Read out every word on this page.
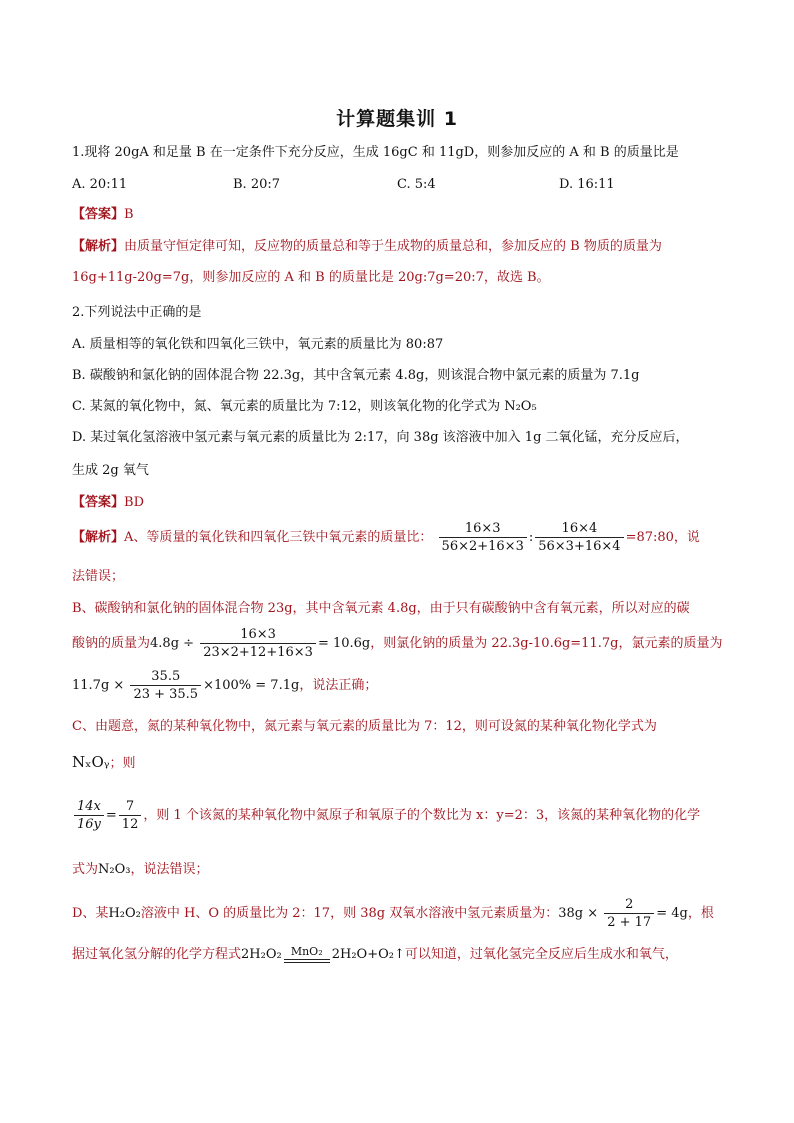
计算题集训 1
1.现将 20gA 和足量 B 在一定条件下充分反应，生成 16gC 和 11gD，则参加反应的 A 和 B 的质量比是
A. 20:11	B. 20:7	C. 5:4	D. 16:11
【答案】B
【解析】由质量守恒定律可知，反应物的质量总和等于生成物的质量总和，参加反应的 B 物质的质量为
16g+11g-20g=7g，则参加反应的 A 和 B 的质量比是 20g:7g=20:7，故选 B。
2.下列说法中正确的是
A. 质量相等的氧化铁和四氧化三铁中，氧元素的质量比为 80:87
B. 碳酸钠和氯化钠的固体混合物 22.3g，其中含氧元素 4.8g，则该混合物中氯元素的质量为 7.1g
C. 某氮的氧化物中，氮、氧元素的质量比为 7:12，则该氧化物的化学式为 N₂O₅
D. 某过氧化氢溶液中氢元素与氧元素的质量比为 2:17，向 38g 该溶液中加入 1g 二氧化锰，充分反应后，
生成 2g 氧气
【答案】BD
【解析】A、等质量的氧化铁和四氧化三铁中氧元素的质量比： $\frac{16\times 3}{56\times 2+16\times 3}$ : $\frac{16\times 4}{56\times 3+16\times 4}$ =87:80，说
法错误；
B、碳酸钠和氯化钠的固体混合物 23g，其中含氧元素 4.8g，由于只有碳酸钠中含有氧元素，所以对应的碳
酸钠的质量为$4.8g \div \frac{16\times 3}{23\times 2+12+16\times 3} = 10.6g$，则氯化钠的质量为 22.3g-10.6g=11.7g，氯元素的质量为
$11.7g \times \frac{35.5}{23 + 35.5} \times 100\% = 7.1g$，说法正确；
C、由题意，氮的某种氧化物中，氮元素与氧元素的质量比为 7：12，则可设氮的某种氧化物化学式为
NₓOᵧ；则
$\frac{14x}{16y} = \frac{7}{12}$ ，则 1 个该氮的某种氧化物中氮原子和氧原子的个数比为 x：y=2：3，该氮的某种氧化物的化学
式为N₂O₃，说法错误；
D、某H₂O₂溶液中 H、O 的质量比为 2：17，则 38g 双氧水溶液中氢元素质量为：$38g \times \frac{2}{2 + 17} = 4g$，根
据过氧化氢分解的化学方程式2H₂O₂ MnO₂ 2H₂O+O₂↑可以知道，过氧化氢完全反应后生成水和氧气，
